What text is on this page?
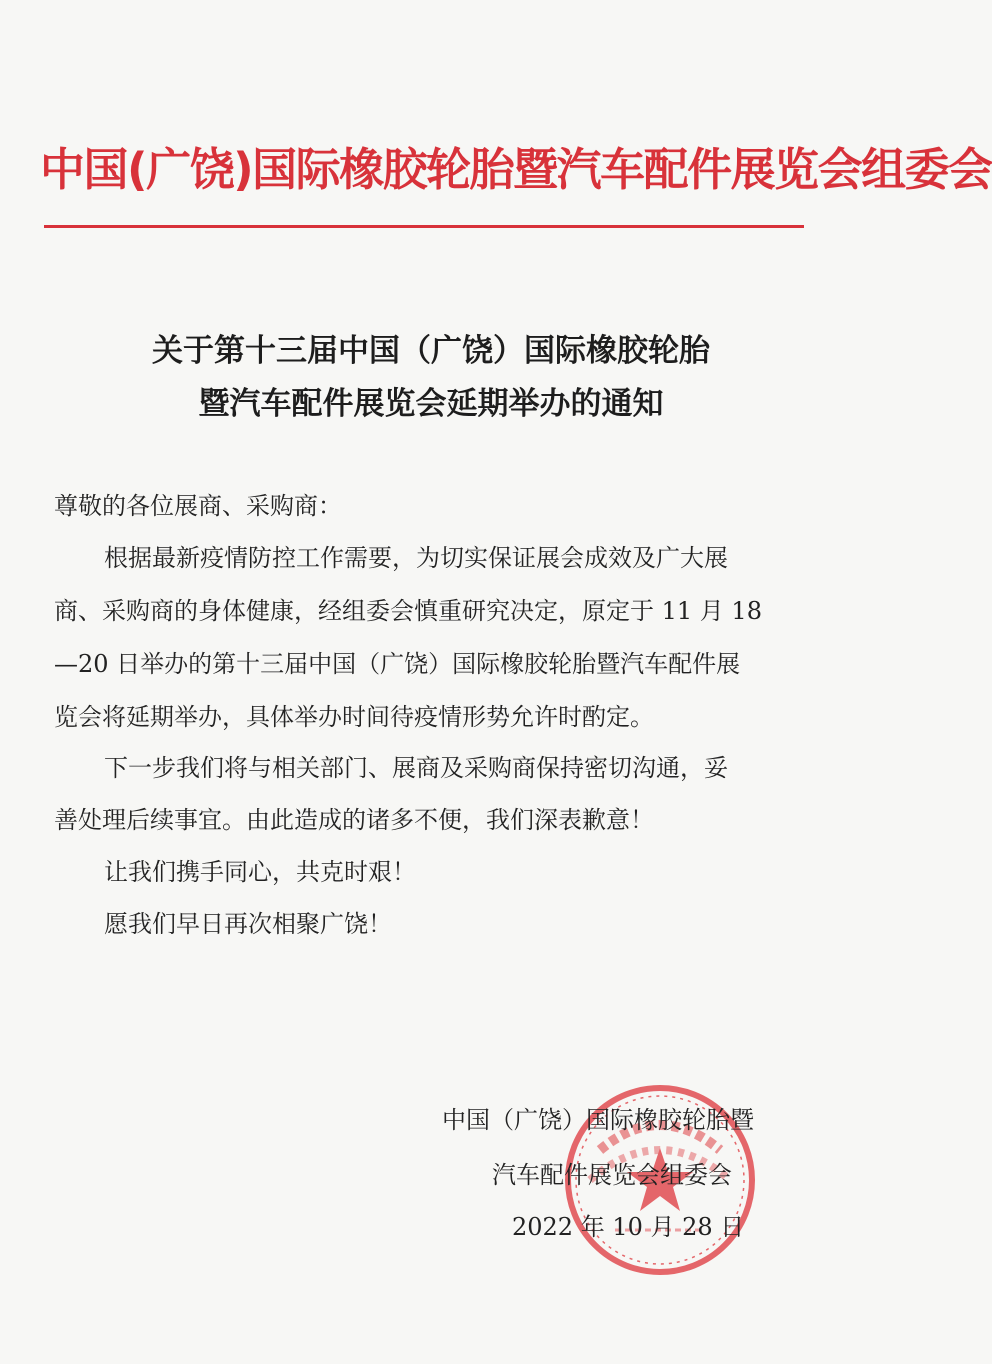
中国(广饶)国际橡胶轮胎暨汽车配件展览会组委会
关于第十三届中国（广饶）国际橡胶轮胎
暨汽车配件展览会延期举办的通知
尊敬的各位展商、采购商：
根据最新疫情防控工作需要，为切实保证展会成效及广大展
商、采购商的身体健康，经组委会慎重研究决定，原定于 11 月 18
—20 日举办的第十三届中国（广饶）国际橡胶轮胎暨汽车配件展
览会将延期举办，具体举办时间待疫情形势允许时酌定。
下一步我们将与相关部门、展商及采购商保持密切沟通，妥
善处理后续事宜。由此造成的诸多不便，我们深表歉意！
让我们携手同心，共克时艰！
愿我们早日再次相聚广饶！
中国（广饶）国际橡胶轮胎暨
汽车配件展览会组委会
2022 年 10 月 28 日
